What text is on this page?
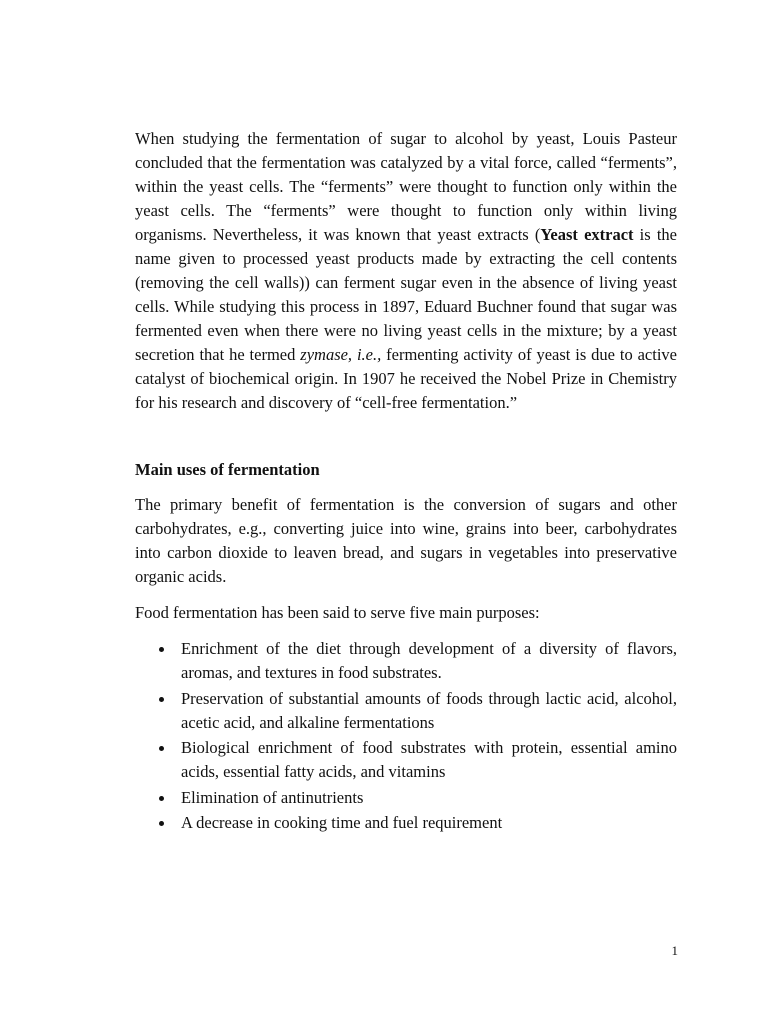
When studying the fermentation of sugar to alcohol by yeast, Louis Pasteur concluded that the fermentation was catalyzed by a vital force, called “ferments”, within the yeast cells. The “ferments” were thought to function only within the yeast cells. The “ferments” were thought to function only within living organisms. Nevertheless, it was known that yeast extracts (Yeast extract is the name given to processed yeast products made by extracting the cell contents (removing the cell walls)) can ferment sugar even in the absence of living yeast cells. While studying this process in 1897, Eduard Buchner found that sugar was fermented even when there were no living yeast cells in the mixture; by a yeast secretion that he termed zymase, i.e., fermenting activity of yeast is due to active catalyst of biochemical origin. In 1907 he received the Nobel Prize in Chemistry for his research and discovery of “cell-free fermentation.”

Main uses of fermentation

The primary benefit of fermentation is the conversion of sugars and other carbohydrates, e.g., converting juice into wine, grains into beer, carbohydrates into carbon dioxide to leaven bread, and sugars in vegetables into preservative organic acids.

Food fermentation has been said to serve five main purposes:

Enrichment of the diet through development of a diversity of flavors, aromas, and textures in food substrates.
Preservation of substantial amounts of foods through lactic acid, alcohol, acetic acid, and alkaline fermentations
Biological enrichment of food substrates with protein, essential amino acids, essential fatty acids, and vitamins
Elimination of antinutrients
A decrease in cooking time and fuel requirement
1
